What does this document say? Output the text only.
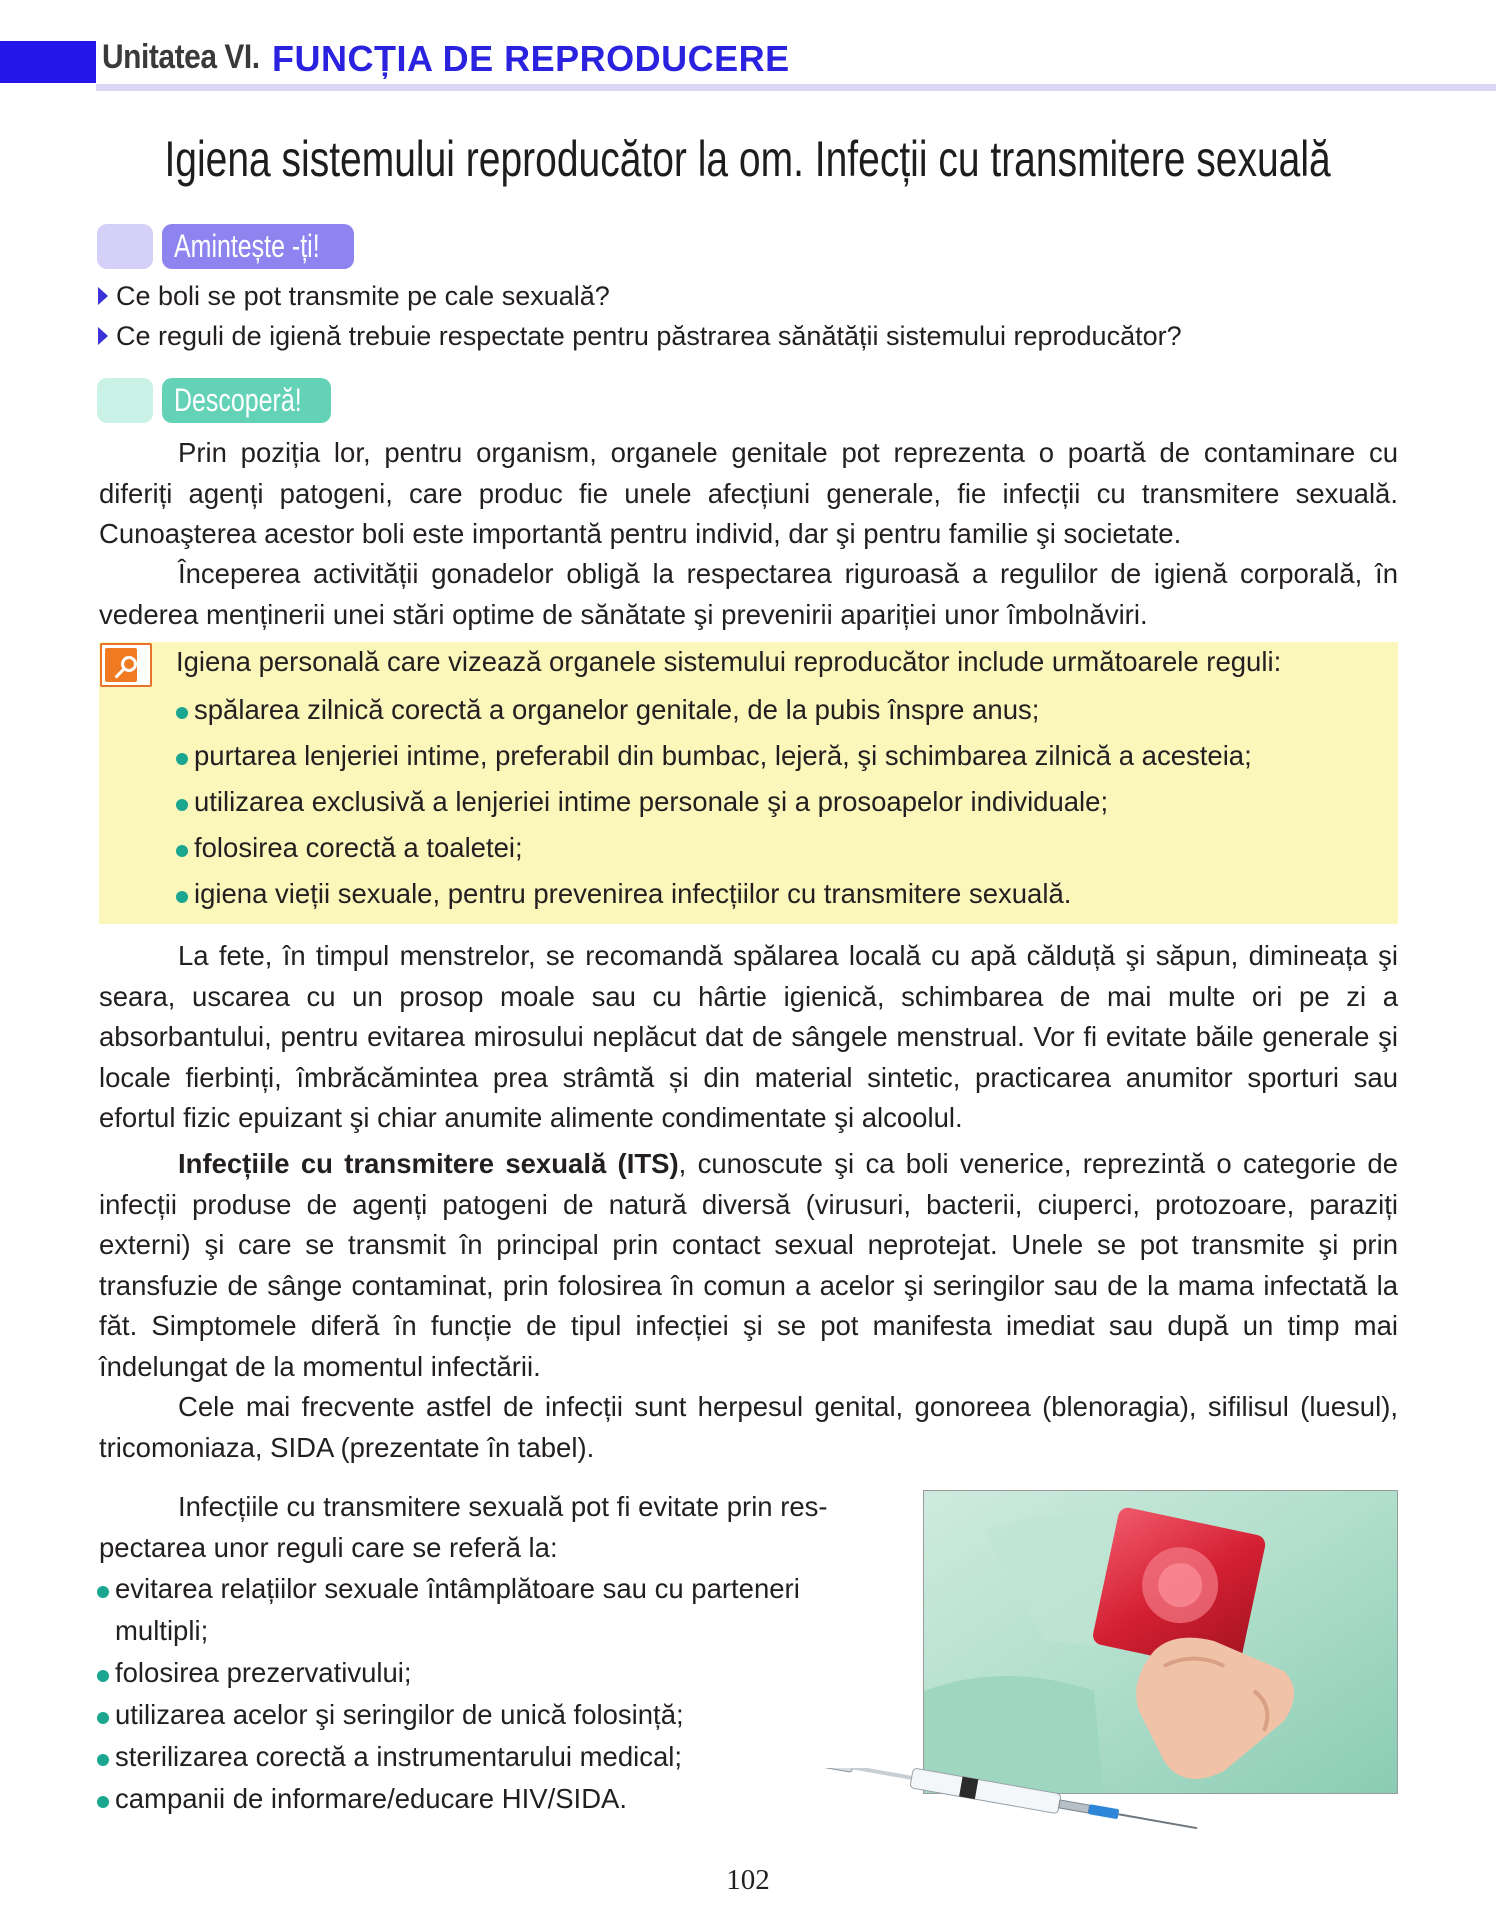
Unitatea VI. FUNCȚIA DE REPRODUCERE
Igiena sistemului reproducător la om. Infecții cu transmitere sexuală
Amintește -ți!
Ce boli se pot transmite pe cale sexuală?
Ce reguli de igienă trebuie respectate pentru păstrarea sănătății sistemului reproducător?
Descoperă!
Prin poziția lor, pentru organism, organele genitale pot reprezenta o poartă de contaminare cu diferiți agenți patogeni, care produc fie unele afecțiuni generale, fie infecții cu transmitere sexuală. Cunoaşterea acestor boli este importantă pentru individ, dar şi pentru familie şi societate.
Începerea activității gonadelor obligă la respectarea riguroasă a regulilor de igienă corporală, în vederea menținerii unei stări optime de sănătate şi prevenirii apariției unor îmbolnăviri.
Igiena personală care vizează organele sistemului reproducător include următoarele reguli:
spălarea zilnică corectă a organelor genitale, de la pubis înspre anus;
purtarea lenjeriei intime, preferabil din bumbac, lejeră, şi schimbarea zilnică a acesteia;
utilizarea exclusivă a lenjeriei intime personale şi a prosoapelor individuale;
folosirea corectă a toaletei;
igiena vieții sexuale, pentru prevenirea infecțiilor cu transmitere sexuală.
La fete, în timpul menstrelor, se recomandă spălarea locală cu apă călduță şi săpun, dimineața şi seara, uscarea cu un prosop moale sau cu hârtie igienică, schimbarea de mai multe ori pe zi a absorbantului, pentru evitarea mirosului neplăcut dat de sângele menstrual. Vor fi evitate băile generale şi locale fierbinți, îmbrăcămintea prea strâmtă și din material sintetic, practicarea anumitor sporturi sau efortul fizic epuizant şi chiar anumite alimente condimentate şi alcoolul.
Infecțiile cu transmitere sexuală (ITS), cunoscute şi ca boli venerice, reprezintă o categorie de infecții produse de agenți patogeni de natură diversă (virusuri, bacterii, ciuperci, protozoare, paraziți externi) şi care se transmit în principal prin contact sexual neprotejat. Unele se pot transmite şi prin transfuzie de sânge contaminat, prin folosirea în comun a acelor şi seringilor sau de la mama infectată la făt. Simptomele diferă în funcție de tipul infecției şi se pot manifesta imediat sau după un timp mai îndelungat de la momentul infectării.
Cele mai frecvente astfel de infecții sunt herpesul genital, gonoreea (blenoragia), sifilisul (luesul), tricomoniaza, SIDA (prezentate în tabel).
Infecțiile cu transmitere sexuală pot fi evitate prin res-
pectarea unor reguli care se referă la:
evitarea relațiilor sexuale întâmplătoare sau cu parteneri multipli;
folosirea prezervativului;
utilizarea acelor şi seringilor de unică folosință;
sterilizarea corectă a instrumentarului medical;
campanii de informare/educare HIV/SIDA.
102
